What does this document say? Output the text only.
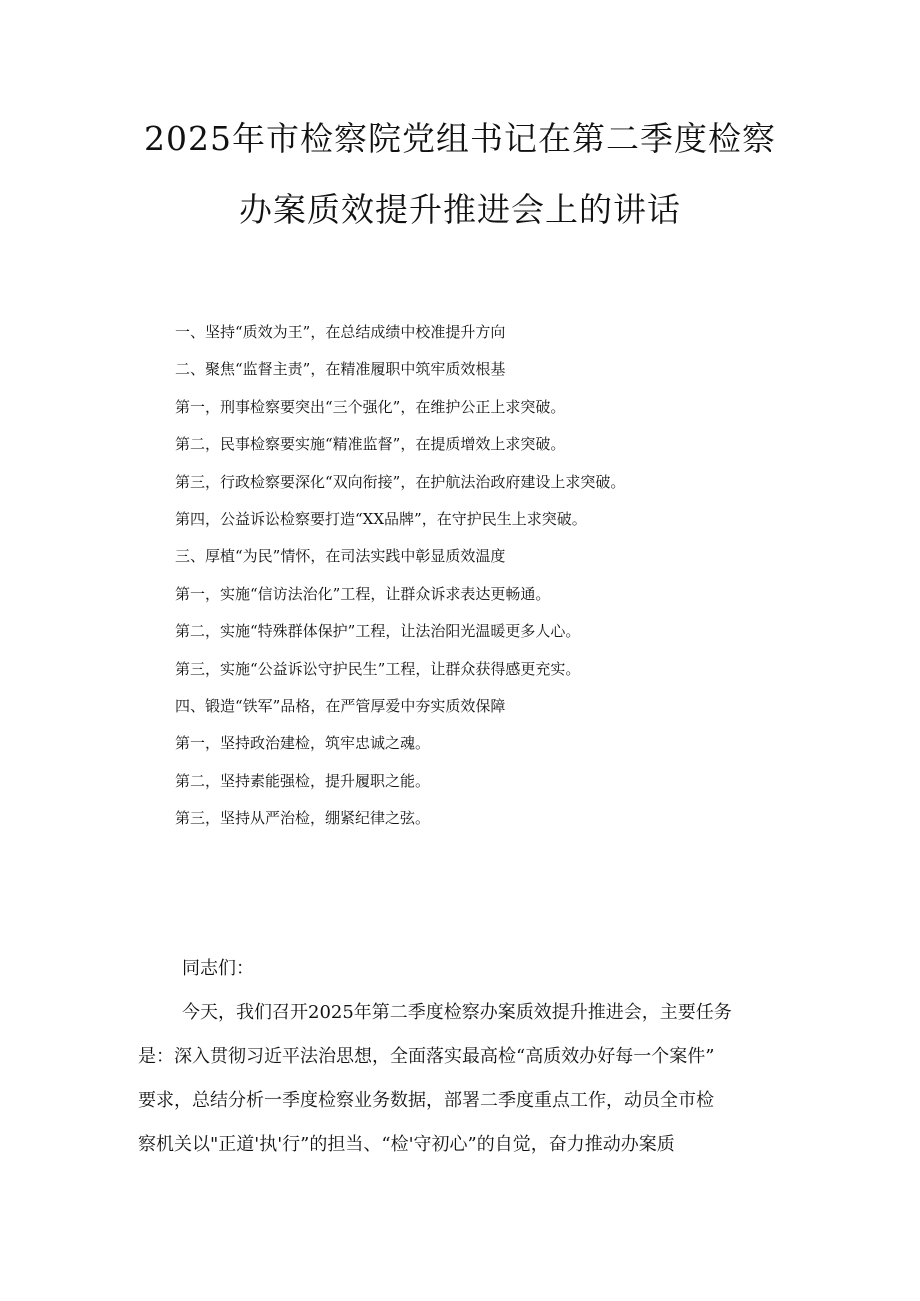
2025年市检察院党组书记在第二季度检察
办案质效提升推进会上的讲话
一、坚持“质效为王”，在总结成绩中校准提升方向
二、聚焦“监督主责”，在精准履职中筑牢质效根基
第一，刑事检察要突出“三个强化”，在维护公正上求突破。
第二，民事检察要实施“精准监督”，在提质增效上求突破。
第三，行政检察要深化“双向衔接”，在护航法治政府建设上求突破。
第四，公益诉讼检察要打造“XX品牌”，在守护民生上求突破。
三、厚植“为民”情怀，在司法实践中彰显质效温度
第一，实施“信访法治化”工程，让群众诉求表达更畅通。
第二，实施“特殊群体保护”工程，让法治阳光温暖更多人心。
第三，实施“公益诉讼守护民生”工程，让群众获得感更充实。
四、锻造“铁军”品格，在严管厚爱中夯实质效保障
第一，坚持政治建检，筑牢忠诚之魂。
第二，坚持素能强检，提升履职之能。
第三，坚持从严治检，绷紧纪律之弦。
同志们：
今天，我们召开2025年第二季度检察办案质效提升推进会，主要任务
是：深入贯彻习近平法治思想，全面落实最高检“高质效办好每一个案件”
要求，总结分析一季度检察业务数据，部署二季度重点工作，动员全市检
察机关以"正道'执'行”的担当、“检'守初心”的自觉，奋力推动办案质
